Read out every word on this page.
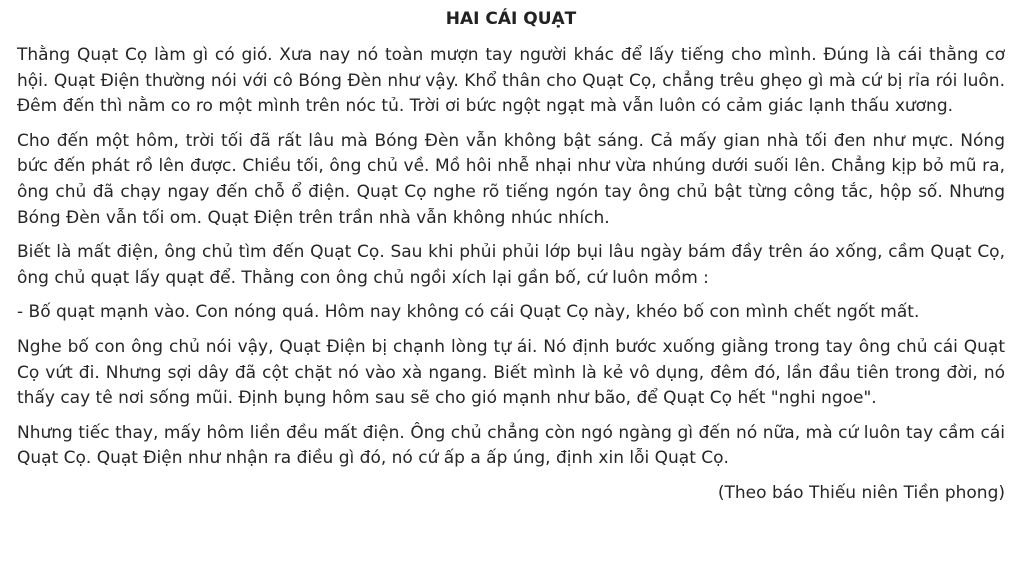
HAI CÁI QUẠT

Thằng Quạt Cọ làm gì có gió. Xưa nay nó toàn mượn tay người khác để lấy tiếng cho mình. Đúng là cái thằng cơ hội. Quạt Điện thường nói với cô Bóng Đèn như vậy. Khổ thân cho Quạt Cọ, chẳng trêu ghẹo gì mà cứ bị rỉa rói luôn. Đêm đến thì nằm co ro một mình trên nóc tủ. Trời ơi bức ngột ngạt mà vẫn luôn có cảm giác lạnh thấu xương.

Cho đến một hôm, trời tối đã rất lâu mà Bóng Đèn vẫn không bật sáng. Cả mấy gian nhà tối đen như mực. Nóng bức đến phát rồ lên được. Chiều tối, ông chủ về. Mồ hôi nhễ nhại như vừa nhúng dưới suối lên. Chẳng kịp bỏ mũ ra, ông chủ đã chạy ngay đến chỗ ổ điện. Quạt Cọ nghe rõ tiếng ngón tay ông chủ bật từng công tắc, hộp số. Nhưng Bóng Đèn vẫn tối om. Quạt Điện trên trần nhà vẫn không nhúc nhích.

Biết là mất điện, ông chủ tìm đến Quạt Cọ. Sau khi phủi phủi lớp bụi lâu ngày bám đầy trên áo xống, cầm Quạt Cọ, ông chủ quạt lấy quạt để. Thằng con ông chủ ngồi xích lại gần bố, cứ luôn mồm :

- Bố quạt mạnh vào. Con nóng quá. Hôm nay không có cái Quạt Cọ này, khéo bố con mình chết ngốt mất.

Nghe bố con ông chủ nói vậy, Quạt Điện bị chạnh lòng tự ái. Nó định bước xuống giằng trong tay ông chủ cái Quạt Cọ vứt đi. Nhưng sợi dây đã cột chặt nó vào xà ngang. Biết mình là kẻ vô dụng, đêm đó, lần đầu tiên trong đời, nó thấy cay tê nơi sống mũi. Định bụng hôm sau sẽ cho gió mạnh như bão, để Quạt Cọ hết "nghi ngoe".

Nhưng tiếc thay, mấy hôm liền đều mất điện. Ông chủ chẳng còn ngó ngàng gì đến nó nữa, mà cứ luôn tay cầm cái Quạt Cọ. Quạt Điện như nhận ra điều gì đó, nó cứ ấp a ấp úng, định xin lỗi Quạt Cọ.

(Theo báo Thiếu niên Tiền phong)
